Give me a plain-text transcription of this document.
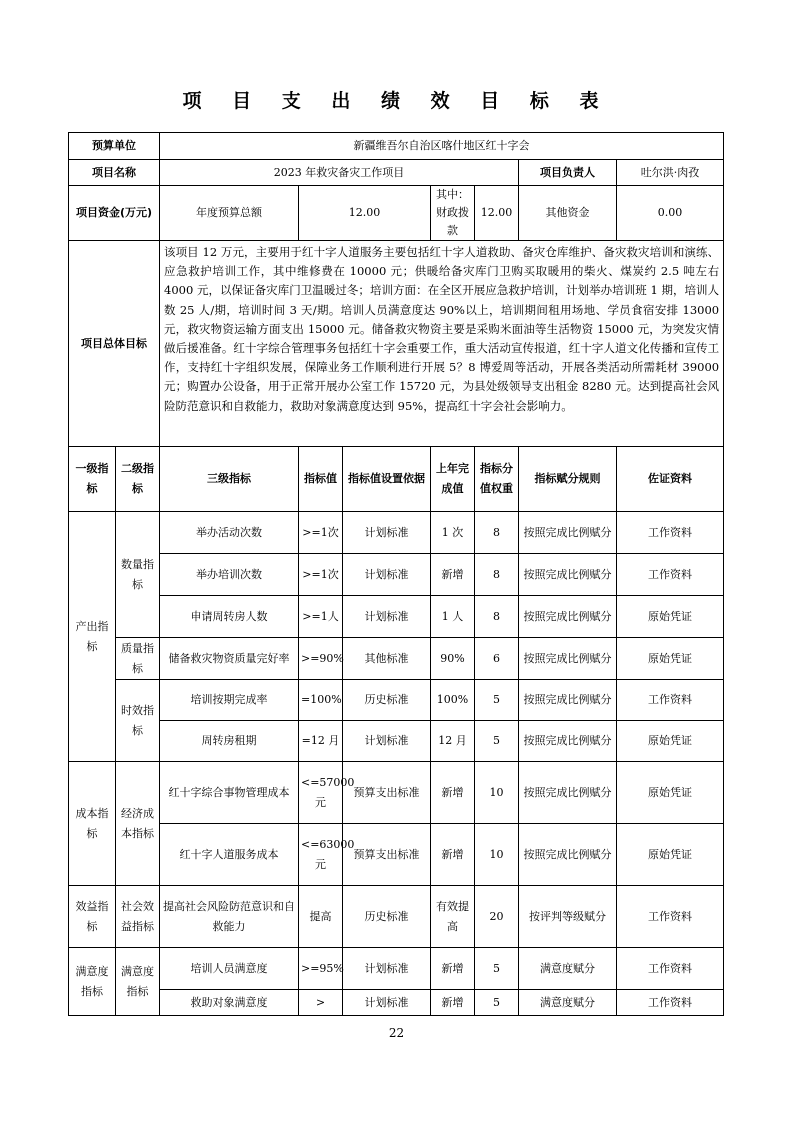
项 目 支 出 绩 效 目 标 表
预算单位		新疆维吾尔自治区喀什地区红十字会						
项目名称		2023 年救灾备灾工作项目					项目负责人	吐尔洪·肉孜
项目资金(万元)		年度预算总额	12.00		其中：财政拨款	12.00	其他资金	0.00
项目总体目标		该项目 12 万元，主要用于红十字人道服务主要包括红十字人道救助、备灾仓库维护、备灾救灾培训和演练、应急救护培训工作，其中维修费在 10000 元；供暖给备灾库门卫购买取暖用的柴火、煤炭约 2.5 吨左右 4000 元，以保证备灾库门卫温暖过冬；培训方面：在全区开展应急救护培训，计划举办培训班 1 期，培训人数 25 人/期，培训时间 3 天/期。培训人员满意度达 90%以上，培训期间租用场地、学员食宿安排 13000 元，救灾物资运输方面支出 15000 元。储备救灾物资主要是采购米面油等生活物资 15000 元，为突发灾情做后援准备。红十字综合管理事务包括红十字会重要工作，重大活动宣传报道，红十字人道文化传播和宣传工作，支持红十字组织发展，保障业务工作顺利进行开展 5？8 博爱周等活动，开展各类活动所需耗材 39000 元；购置办公设备，用于正常开展办公室工作 15720 元，为县处级领导支出租金 8280 元。达到提高社会风险防范意识和自救能力，救助对象满意度达到 95%，提高红十字会社会影响力。						
一级指标	二级指标	三级指标	指标值	指标值设置依据	上年完成值	指标分值权重	指标赋分规则	佐证资料
产出指标	数量指标	举办活动次数	>=1次	计划标准	1 次	8	按照完成比例赋分	工作资料
		举办培训次数	>=1次	计划标准	新增	8	按照完成比例赋分	工作资料
		申请周转房人数	>=1人	计划标准	1 人	8	按照完成比例赋分	原始凭证
	质量指标	储备救灾物资质量完好率	>=90%	其他标准	90%	6	按照完成比例赋分	原始凭证
	时效指标	培训按期完成率	=100%	历史标准	100%	5	按照完成比例赋分	工作资料
		周转房租期	=12 月	计划标准	12 月	5	按照完成比例赋分	原始凭证
成本指标	经济成本指标	红十字综合事物管理成本	<=57000 元	预算支出标准	新增	10	按照完成比例赋分	原始凭证
		红十字人道服务成本	<=63000 元	预算支出标准	新增	10	按照完成比例赋分	原始凭证
效益指标	社会效益指标	提高社会风险防范意识和自救能力	提高	历史标准	有效提高	20	按评判等级赋分	工作资料
满意度指标	满意度指标	培训人员满意度	>=95%	计划标准	新增	5	满意度赋分	工作资料
		救助对象满意度	>	计划标准	新增	5	满意度赋分	工作资料
22
